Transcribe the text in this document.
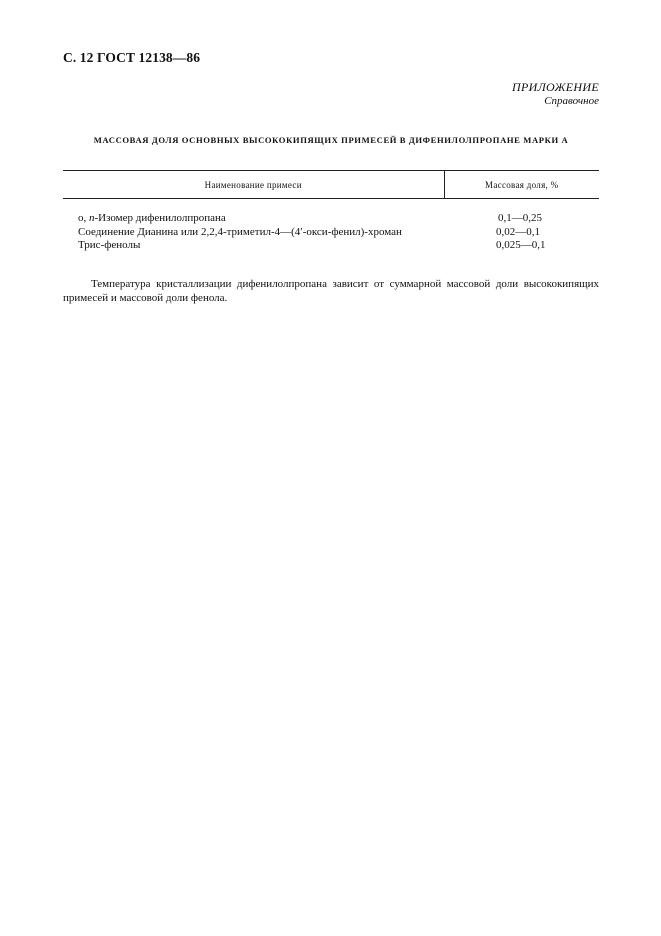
С. 12 ГОСТ 12138—86
ПРИЛОЖЕНИЕ
Справочное
МАССОВАЯ ДОЛЯ ОСНОВНЫХ ВЫСОКОКИПЯЩИХ ПРИМЕСЕЙ В ДИФЕНИЛОЛПРОПАНЕ МАРКИ А
Наименование примеси	Массовая доля, %
о, п-Изомер дифенилолпропана	0,1—0,25
Соединение Дианина или 2,2,4-триметил-4—(4′-окси-фенил)-хроман	0,02—0,1
Трис-фенолы	0,025—0,1

Температура кристаллизации дифенилолпропана зависит от суммарной массовой доли высококипящих примесей и массовой доли фенола.
